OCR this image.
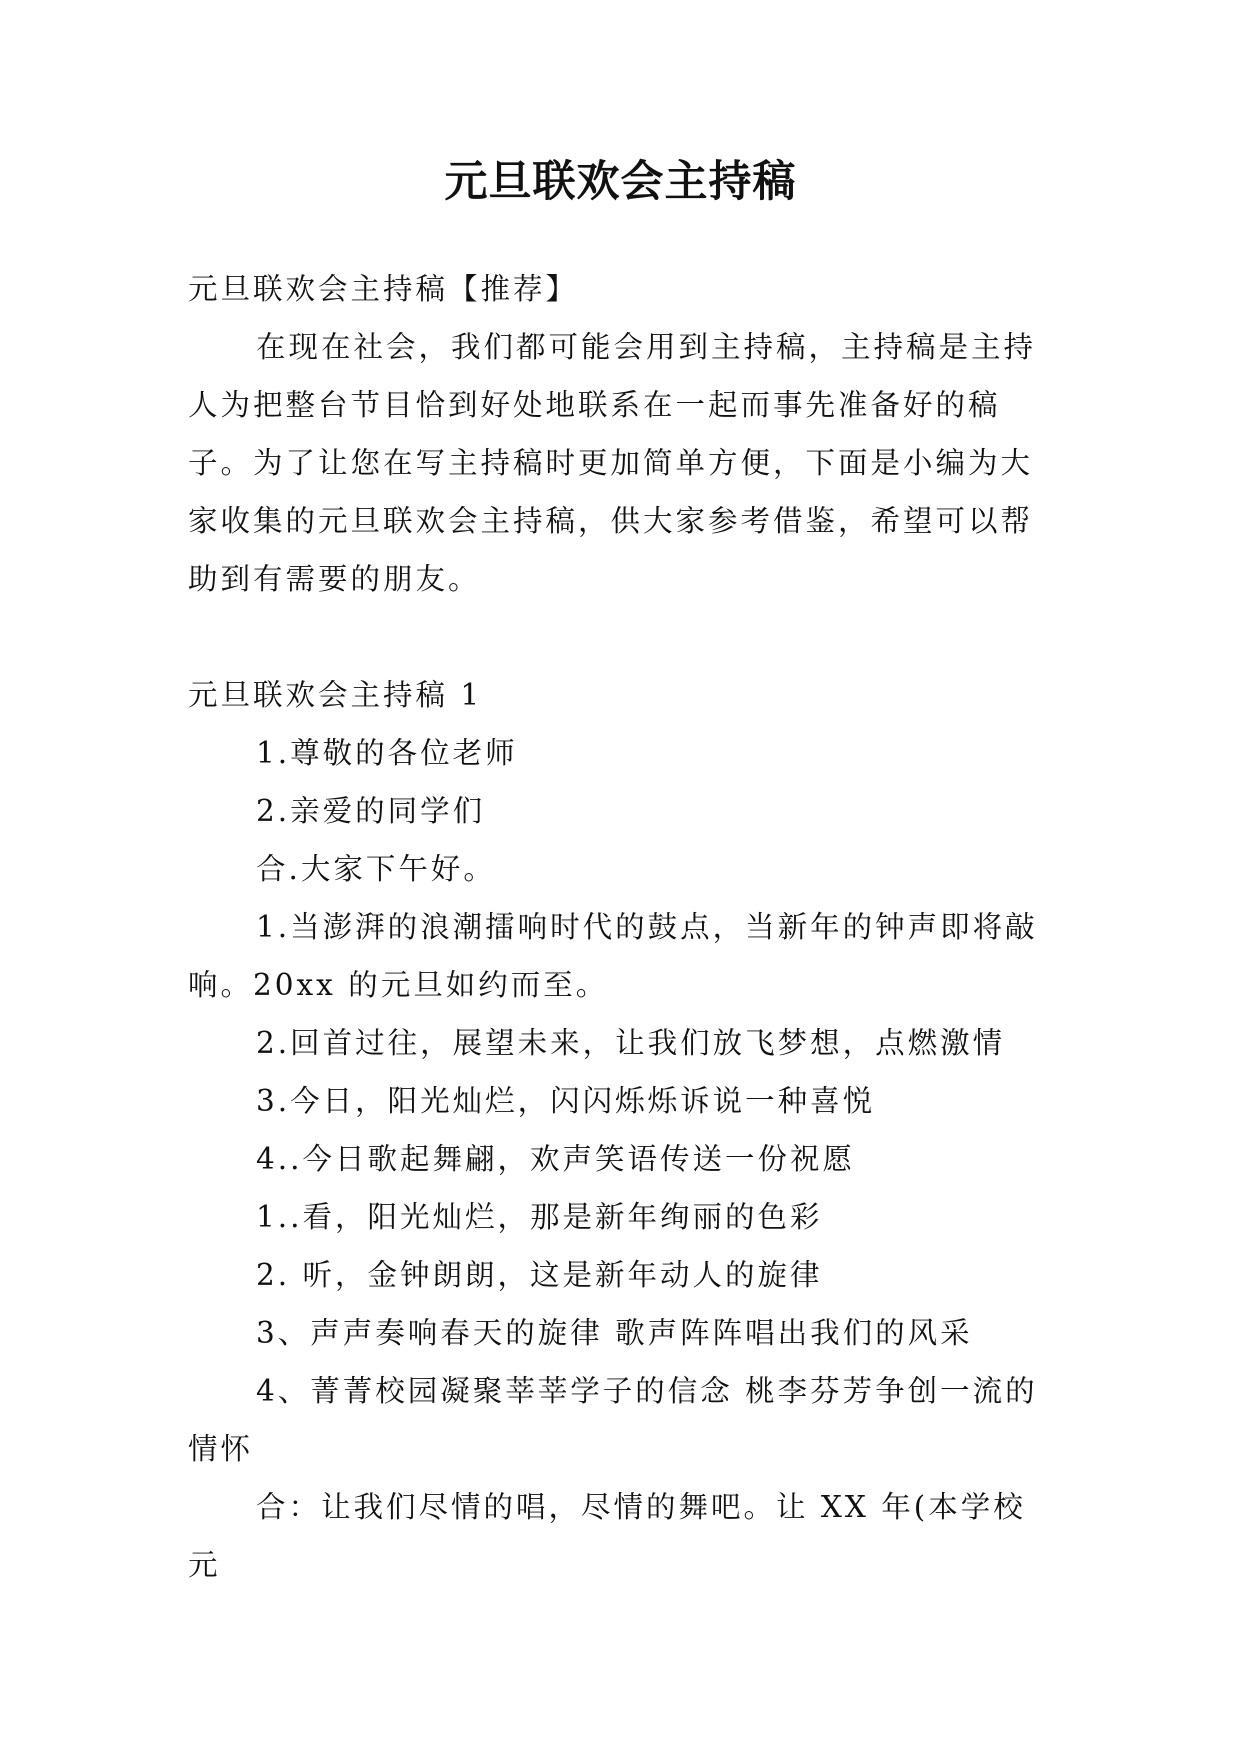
元旦联欢会主持稿

元旦联欢会主持稿【推荐】

在现在社会，我们都可能会用到主持稿，主持稿是主持人为把整台节目恰到好处地联系在一起而事先准备好的稿子。为了让您在写主持稿时更加简单方便，下面是小编为大家收集的元旦联欢会主持稿，供大家参考借鉴，希望可以帮助到有需要的朋友。

元旦联欢会主持稿 1

1.尊敬的各位老师

2.亲爱的同学们

合.大家下午好。

1.当澎湃的浪潮擂响时代的鼓点，当新年的钟声即将敲响。20xx 的元旦如约而至。

2.回首过往，展望未来，让我们放飞梦想，点燃激情

3.今日，阳光灿烂，闪闪烁烁诉说一种喜悦

4..今日歌起舞翩，欢声笑语传送一份祝愿

1..看，阳光灿烂，那是新年绚丽的色彩

2. 听，金钟朗朗，这是新年动人的旋律

3、声声奏响春天的旋律 歌声阵阵唱出我们的风采

4、菁菁校园凝聚莘莘学子的信念 桃李芬芳争创一流的情怀

合：让我们尽情的唱，尽情的舞吧。让 XX 年(本学校元
